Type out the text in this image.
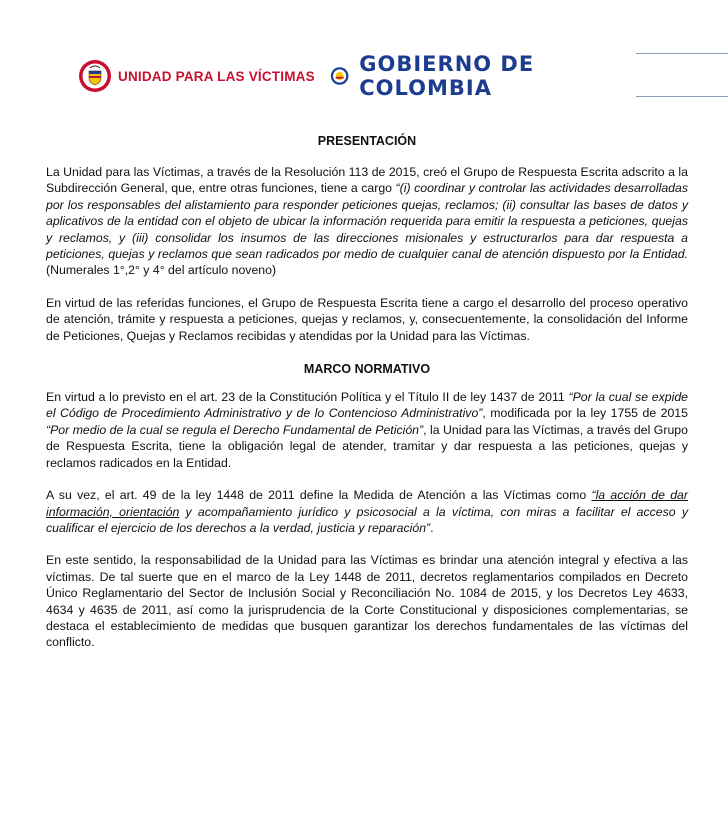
UNIDAD PARA LAS VÍCTIMAS GOBIERNO DE COLOMBIA
PRESENTACIÓN

La Unidad para las Víctimas, a través de la Resolución 113 de 2015, creó el Grupo de Respuesta Escrita adscrito a la Subdirección General, que, entre otras funciones, tiene a cargo “(i) coordinar y controlar las actividades desarrolladas por los responsables del alistamiento para responder peticiones quejas, reclamos; (ii) consultar las bases de datos y aplicativos de la entidad con el objeto de ubicar la información requerida para emitir la respuesta a peticiones, quejas y reclamos, y (iii) consolidar los insumos de las direcciones misionales y estructurarlos para dar respuesta a peticiones, quejas y reclamos que sean radicados por medio de cualquier canal de atención dispuesto por la Entidad. (Numerales 1°,2° y 4° del artículo noveno)

En virtud de las referidas funciones, el Grupo de Respuesta Escrita tiene a cargo el desarrollo del proceso operativo de atención, trámite y respuesta a peticiones, quejas y reclamos, y, consecuentemente, la consolidación del Informe de Peticiones, Quejas y Reclamos recibidas y atendidas por la Unidad para las Víctimas.

MARCO NORMATIVO

En virtud a lo previsto en el art. 23 de la Constitución Política y el Título II de ley 1437 de 2011 “Por la cual se expide el Código de Procedimiento Administrativo y de lo Contencioso Administrativo”, modificada por la ley 1755 de 2015 “Por medio de la cual se regula el Derecho Fundamental de Petición”, la Unidad para las Víctimas, a través del Grupo de Respuesta Escrita, tiene la obligación legal de atender, tramitar y dar respuesta a las peticiones, quejas y reclamos radicados en la Entidad.

A su vez, el art. 49 de la ley 1448 de 2011 define la Medida de Atención a las Víctimas como “la acción de dar información, orientación y acompañamiento jurídico y psicosocial a la víctima, con miras a facilitar el acceso y cualificar el ejercicio de los derechos a la verdad, justicia y reparación”.

En este sentido, la responsabilidad de la Unidad para las Víctimas es brindar una atención integral y efectiva a las víctimas. De tal suerte que en el marco de la Ley 1448 de 2011, decretos reglamentarios compilados en Decreto Único Reglamentario del Sector de Inclusión Social y Reconciliación No. 1084 de 2015, y los Decretos Ley 4633, 4634 y 4635 de 2011, así como la jurisprudencia de la Corte Constitucional y disposiciones complementarias, se destaca el establecimiento de medidas que busquen garantizar los derechos fundamentales de las víctimas del conflicto.
